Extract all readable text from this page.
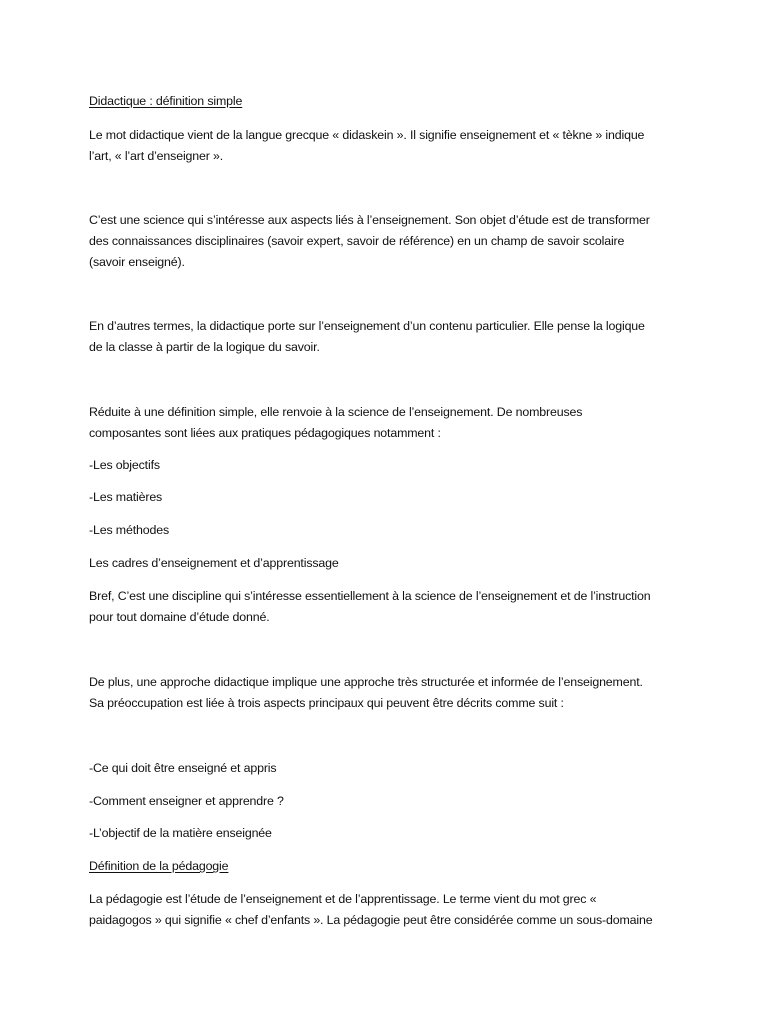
Didactique : définition simple
Le mot didactique vient de la langue grecque « didaskein ». Il signifie enseignement et « tèkne » indique
l’art, « l’art d’enseigner ».
C’est une science qui s’intéresse aux aspects liés à l’enseignement. Son objet d’étude est de transformer
des connaissances disciplinaires (savoir expert, savoir de référence) en un champ de savoir scolaire
(savoir enseigné).
En d’autres termes, la didactique porte sur l’enseignement d’un contenu particulier. Elle pense la logique
de la classe à partir de la logique du savoir.
Réduite à une définition simple, elle renvoie à la science de l’enseignement. De nombreuses
composantes sont liées aux pratiques pédagogiques notamment :
-Les objectifs
-Les matières
-Les méthodes
Les cadres d’enseignement et d’apprentissage
Bref, C’est une discipline qui s’intéresse essentiellement à la science de l’enseignement et de l’instruction
pour tout domaine d’étude donné.
De plus, une approche didactique implique une approche très structurée et informée de l’enseignement.
Sa préoccupation est liée à trois aspects principaux qui peuvent être décrits comme suit :
-Ce qui doit être enseigné et appris
-Comment enseigner et apprendre ?
-L’objectif de la matière enseignée
Définition de la pédagogie
La pédagogie est l’étude de l’enseignement et de l’apprentissage. Le terme vient du mot grec «
paidagogos » qui signifie « chef d’enfants ». La pédagogie peut être considérée comme un sous-domaine
